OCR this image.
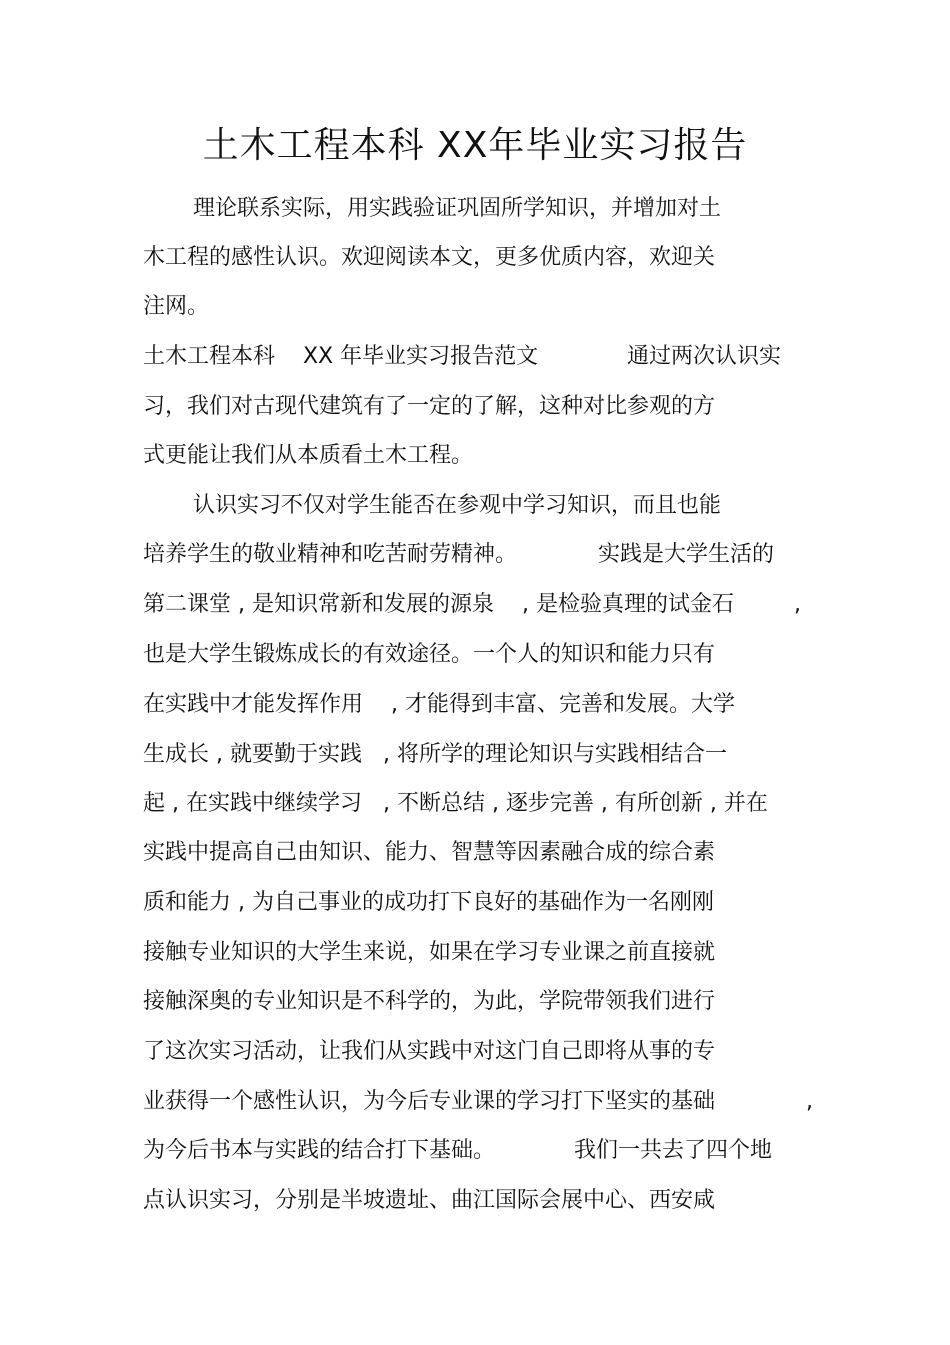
土木工程本科 XX年毕业实习报告
理论联系实际，用实践验证巩固所学知识，并增加对土
木工程的感性认识。欢迎阅读本文，更多优质内容，欢迎关
注网。
土木工程本科    XX 年毕业实习报告范文	通过两次认识实
习，我们对古现代建筑有了一定的了解，这种对比参观的方
式更能让我们从本质看土木工程。
认识实习不仅对学生能否在参观中学习知识，而且也能
培养学生的敬业精神和吃苦耐劳精神。	实践是大学生活的
第二课堂 , 是知识常新和发展的源泉    , 是检验真理的试金石	,
也是大学生锻炼成长的有效途径。一个人的知识和能力只有
在实践中才能发挥作用    , 才能得到丰富、完善和发展。大学
生成长 , 就要勤于实践   , 将所学的理论知识与实践相结合一
起 , 在实践中继续学习   , 不断总结 , 逐步完善 , 有所创新 , 并在
实践中提高自己由知识、能力、智慧等因素融合成的综合素
质和能力 , 为自己事业的成功打下良好的基础作为一名刚刚
接触专业知识的大学生来说，如果在学习专业课之前直接就
接触深奥的专业知识是不科学的，为此，学院带领我们进行
了这次实习活动，让我们从实践中对这门自己即将从事的专
业获得一个感性认识，为今后专业课的学习打下坚实的基础	,
为今后书本与实践的结合打下基础。	我们一共去了四个地
点认识实习，分别是半坡遗址、曲江国际会展中心、西安咸
